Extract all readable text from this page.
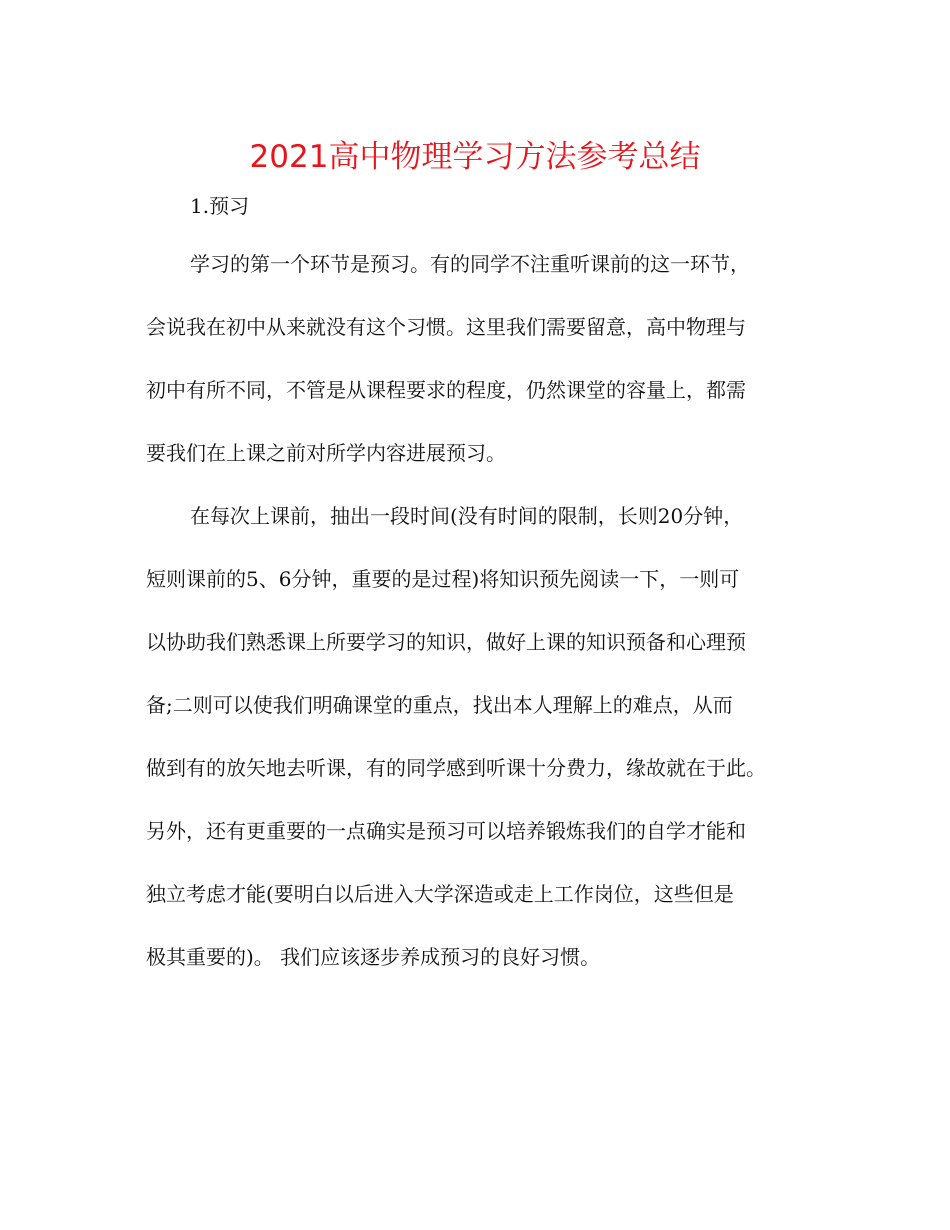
2021高中物理学习方法参考总结

1.预习

学习的第一个环节是预习。有的同学不注重听课前的这一环节，

会说我在初中从来就没有这个习惯。这里我们需要留意，高中物理与

初中有所不同，不管是从课程要求的程度，仍然课堂的容量上，都需

要我们在上课之前对所学内容进展预习。

在每次上课前，抽出一段时间(没有时间的限制，长则20分钟，

短则课前的5、6分钟，重要的是过程)将知识预先阅读一下，一则可

以协助我们熟悉课上所要学习的知识，做好上课的知识预备和心理预

备;二则可以使我们明确课堂的重点，找出本人理解上的难点，从而

做到有的放矢地去听课，有的同学感到听课十分费力，缘故就在于此。

另外，还有更重要的一点确实是预习可以培养锻炼我们的自学才能和

独立考虑才能(要明白以后进入大学深造或走上工作岗位，这些但是

极其重要的)。 我们应该逐步养成预习的良好习惯。
